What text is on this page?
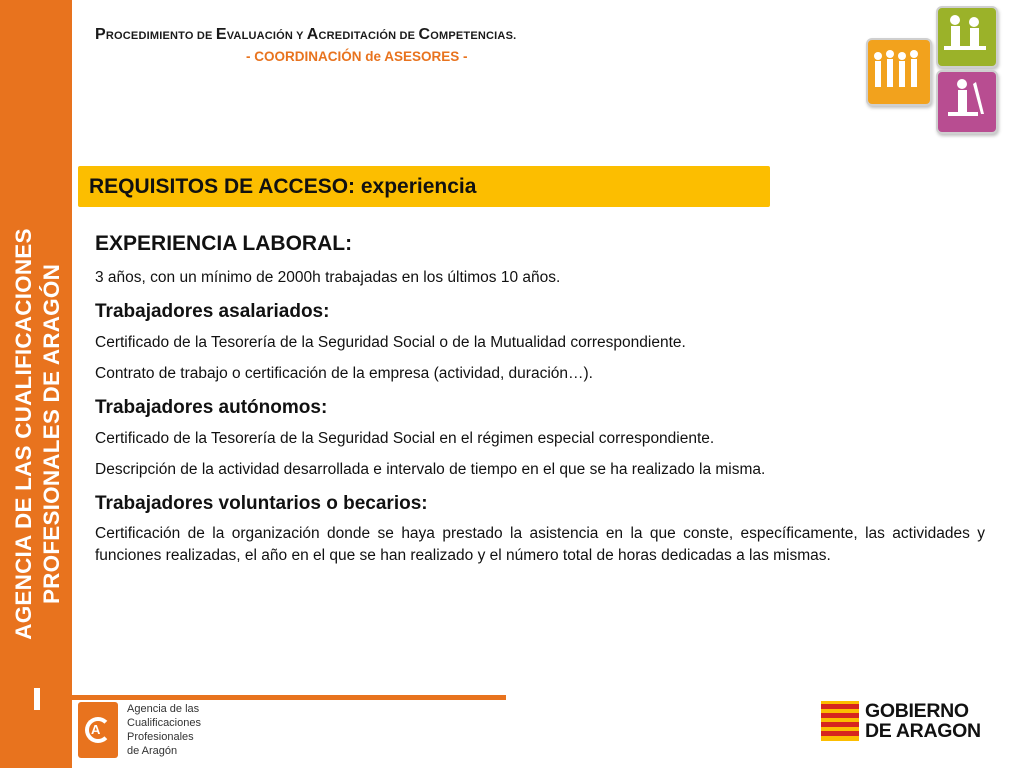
AGENCIA DE LAS CUALIFICACIONES PROFESIONALES DE ARAGÓN
PROCEDIMIENTO DE EVALUACIÓN Y ACREDITACIÓN DE COMPETENCIAS.
- COORDINACIÓN de ASESORES -
REQUISITOS DE ACCESO: experiencia
EXPERIENCIA LABORAL:
3 años, con un mínimo de 2000h trabajadas en los últimos 10 años.
Trabajadores asalariados:
Certificado de la Tesorería de la Seguridad Social o de la Mutualidad correspondiente.
Contrato de trabajo o certificación de la empresa (actividad, duración…).
Trabajadores autónomos:
Certificado de la Tesorería de la Seguridad Social en el régimen especial correspondiente.
Descripción de la actividad desarrollada e intervalo de tiempo en el que se ha realizado la misma.
Trabajadores voluntarios o becarios:
Certificación de la organización donde se haya prestado la asistencia en la que conste, específicamente, las actividades y funciones realizadas, el año en el que se han realizado y el número total de horas dedicadas a las mismas.
A
Agencia de las
Cualificaciones
Profesionales
de Aragón
GOBIERNO
DE ARAGON
